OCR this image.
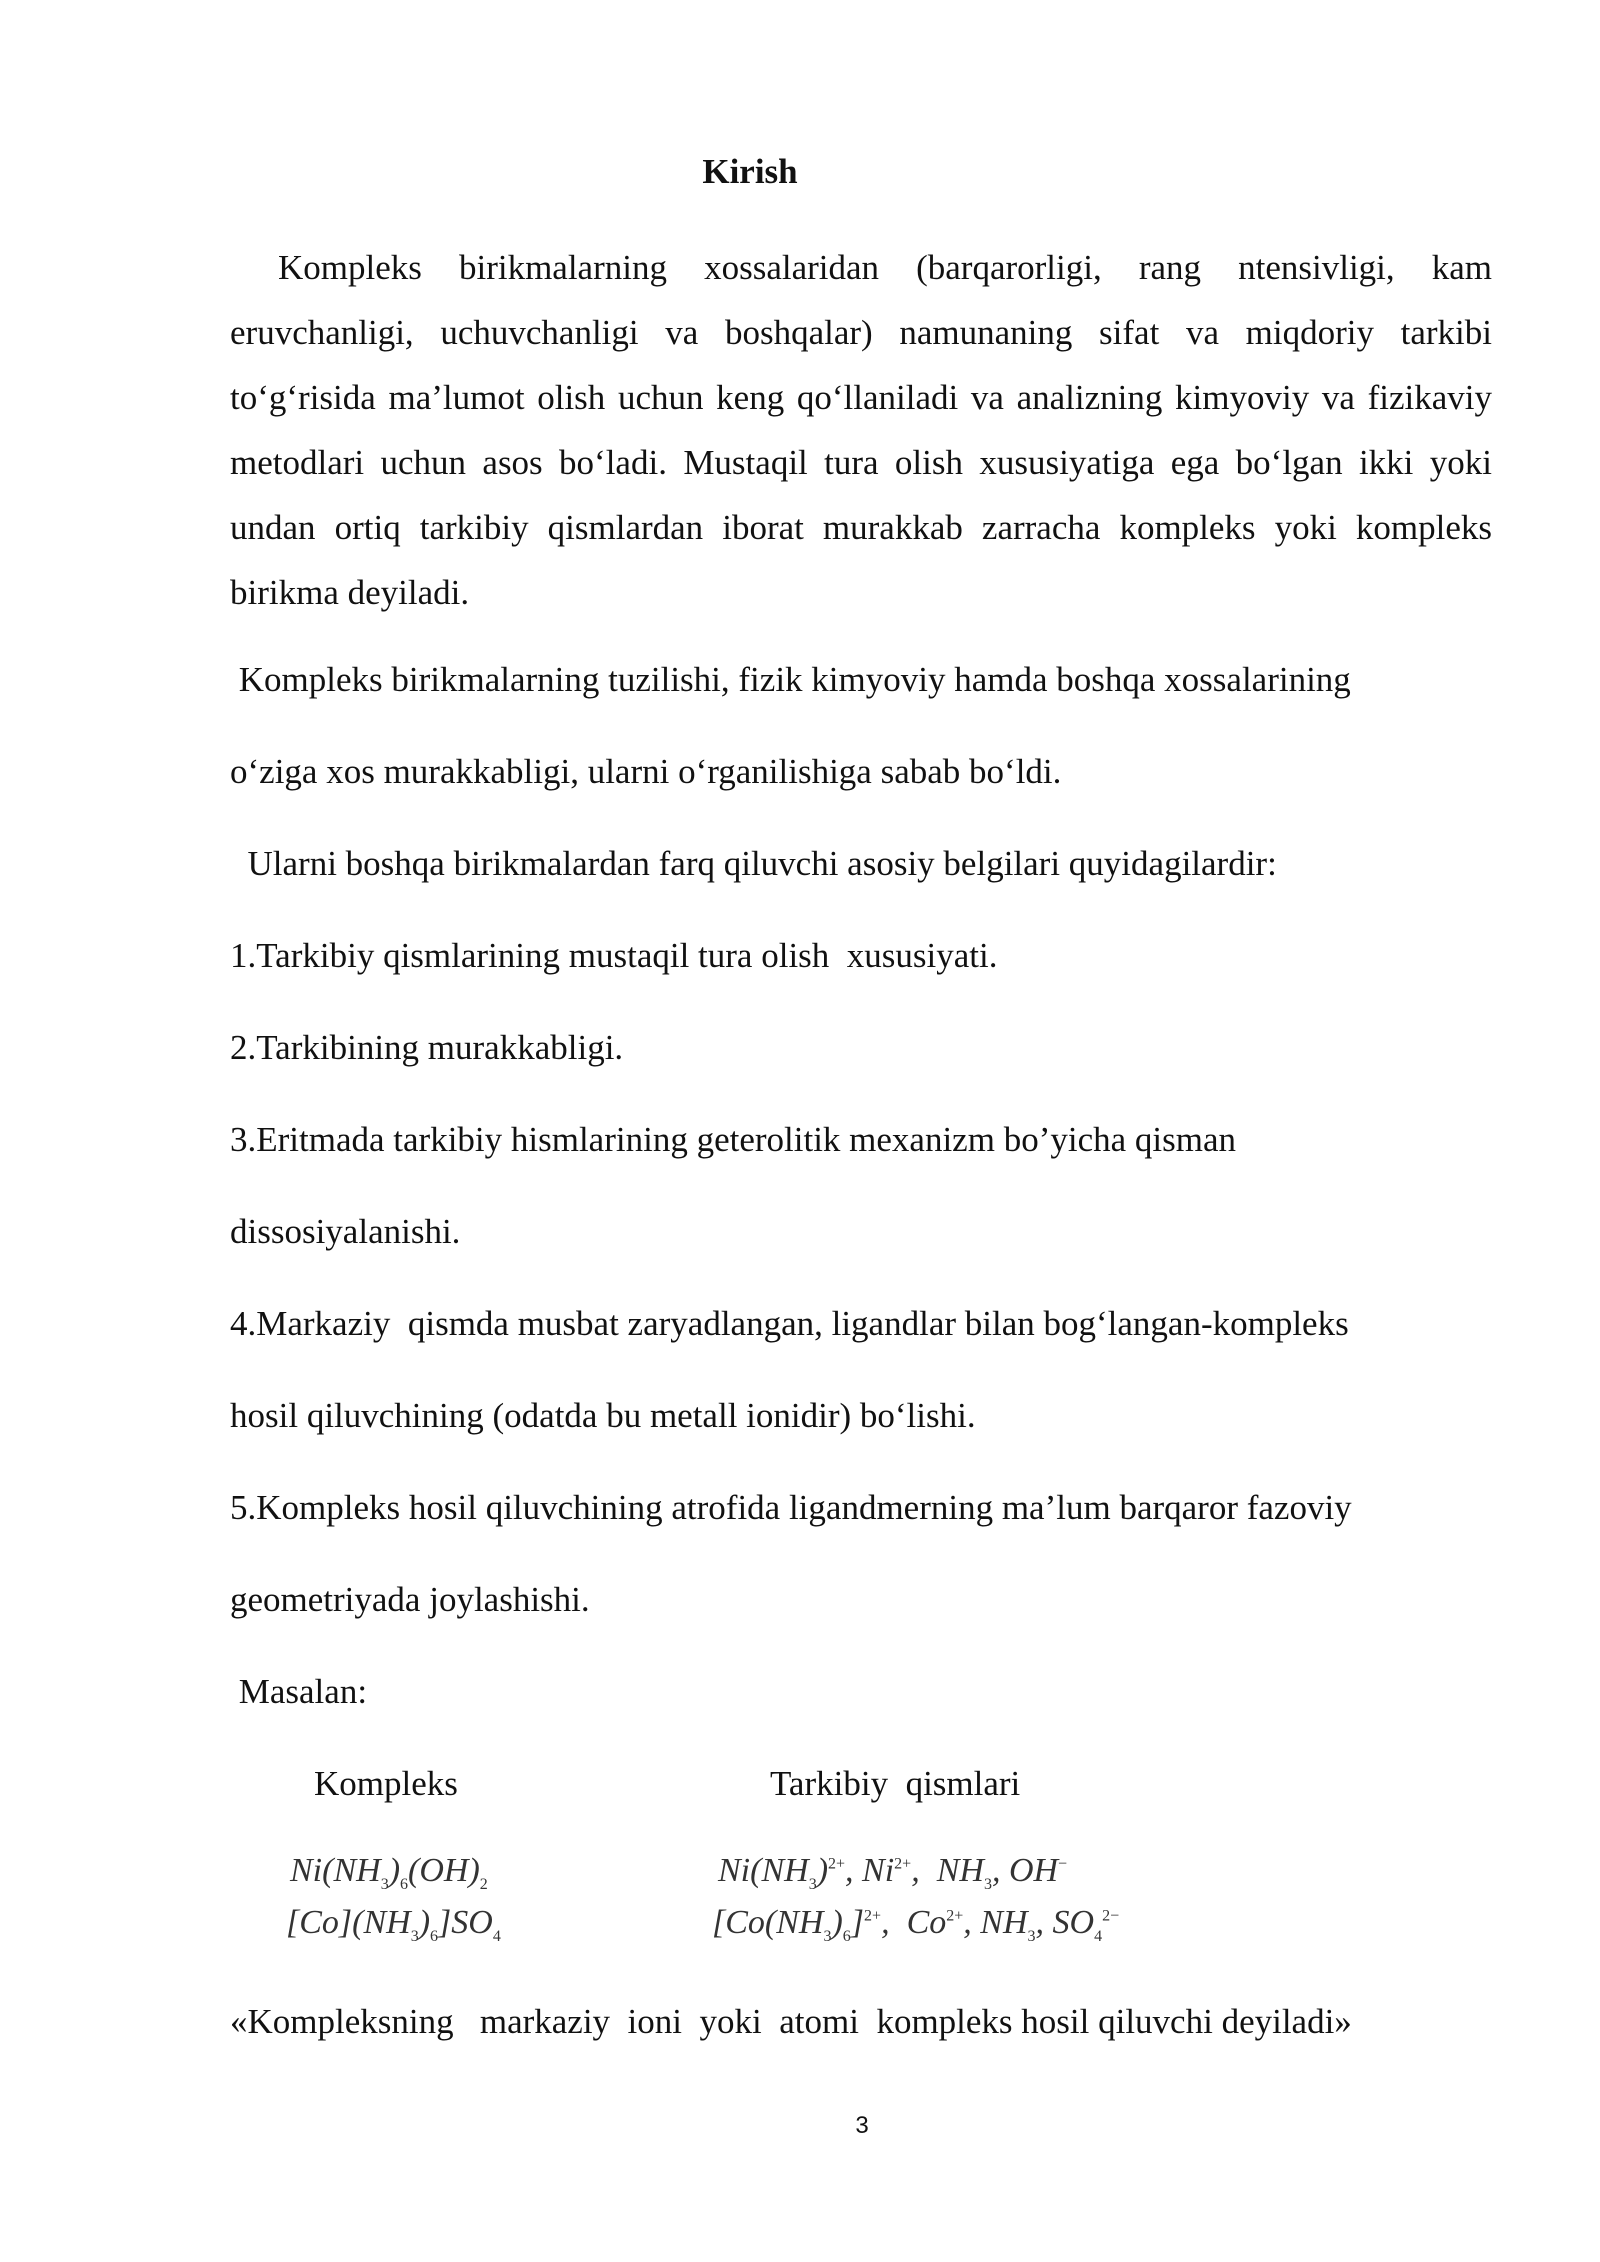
Kirish

Kompleks birikmalarning xossalaridan (barqarorligi, rang ntensivligi, kam eruvchanligi, uchuvchanligi va boshqalar) namunaning sifat va miqdoriy tarkibi to‘g‘risida ma’lumot olish uchun keng qo‘llaniladi va analizning kimyoviy va fizikaviy metodlari uchun asos bo‘ladi. Mustaqil tura olish xususiyatiga ega bo‘lgan ikki yoki undan ortiq tarkibiy qismlardan iborat murakkab zarracha kompleks yoki kompleks birikma deyiladi.

Kompleks birikmalarning tuzilishi, fizik kimyoviy hamda boshqa xossalarining

o‘ziga xos murakkabligi, ularni o‘rganilishiga sabab bo‘ldi.

Ularni boshqa birikmalardan farq qiluvchi asosiy belgilari quyidagilardir:

1.Tarkibiy qismlarining mustaqil tura olish  xususiyati.

2.Tarkibining murakkabligi.

3.Eritmada tarkibiy hismlarining geterolitik mexanizm bo’yicha qisman

dissosiyalanishi.

4.Markaziy  qismda musbat zaryadlangan, ligandlar bilan bog‘langan-kompleks

hosil qiluvchining (odatda bu metall ionidir) bo‘lishi.

5.Kompleks hosil qiluvchining atrofida ligandmerning ma’lum barqaror fazoviy

geometriyada joylashishi.

Masalan:

Kompleks	Tarkibiy  qismlari

$Ni(NH_3)_6(OH)_2$
$[Co](NH_3)_6]SO_4$
$Ni(NH_3)^{2+}$, $Ni^{2+}$,  $NH_3$, OH−
$[Co(NH_3)_6]^{2+}$,  $Co^{2+}$, $NH_3$, $SO_4^{2-}$

«Kompleksning   markaziy  ioni  yoki  atomi  kompleks hosil qiluvchi deyiladi»

3
